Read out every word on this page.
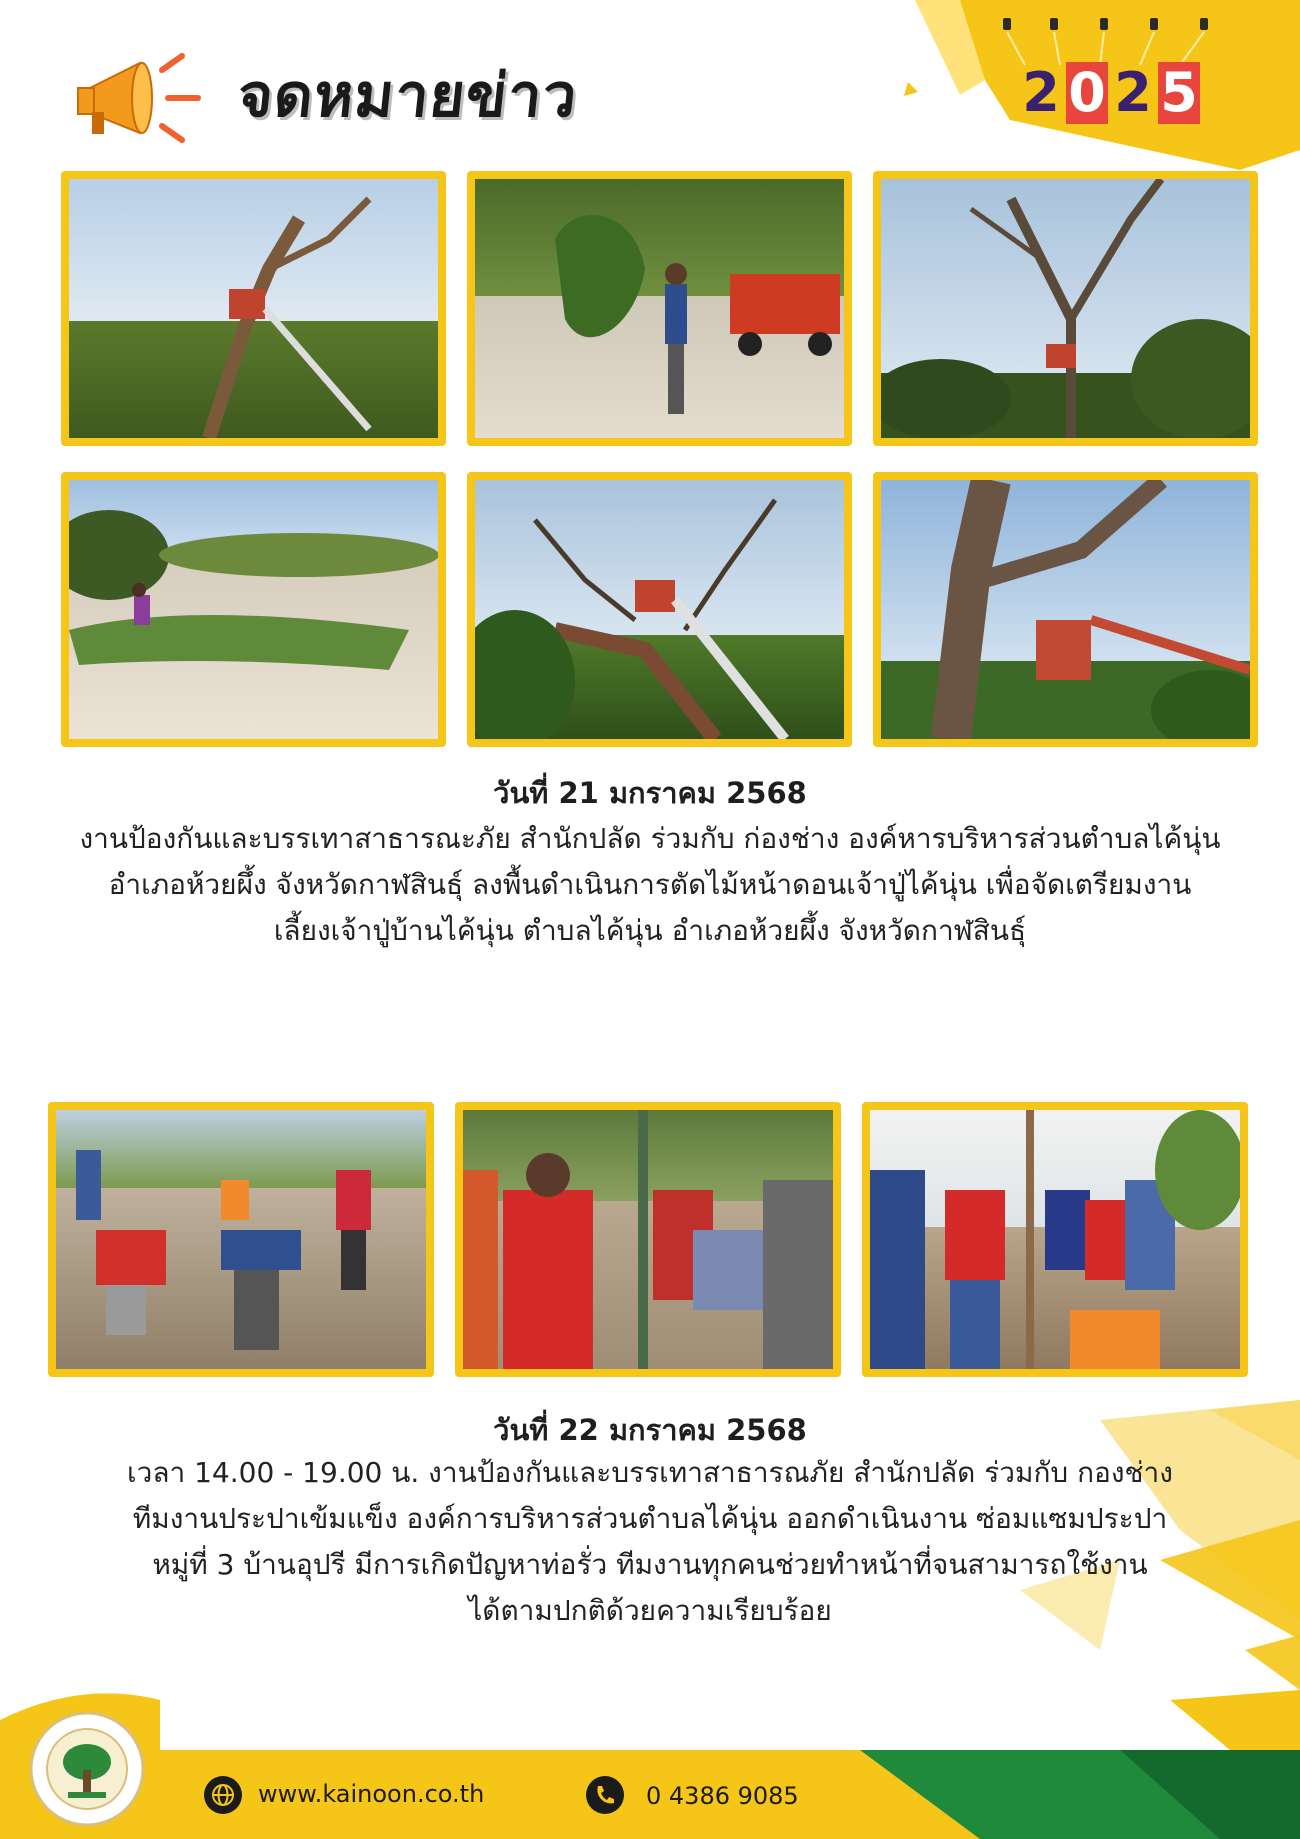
จดหมายข่าว	2 0 2 5
วันที่ 21 มกราคม 2568
งานป้องกันและบรรเทาสาธารณะภัย สำนักปลัด ร่วมกับ ก่องช่าง องค์หารบริหารส่วนตำบลไค้นุ่น
อำเภอห้วยผึ้ง จังหวัดกาฬสินธุ์ ลงพื้นดำเนินการตัดไม้หน้าดอนเจ้าปู่ไค้นุ่น เพื่อจัดเตรียมงาน
เลี้ยงเจ้าปู่บ้านไค้นุ่น ตำบลไค้นุ่น อำเภอห้วยผึ้ง จังหวัดกาฬสินธุ์
วันที่ 22 มกราคม 2568
เวลา 14.00 - 19.00 น. งานป้องกันและบรรเทาสาธารณภัย สำนักปลัด ร่วมกับ กองช่าง
ทีมงานประปาเข้มแข็ง องค์การบริหารส่วนตำบลไค้นุ่น ออกดำเนินงาน ซ่อมแซมประปา
หมู่ที่ 3 บ้านอุปรี มีการเกิดปัญหาท่อรั่ว ทีมงานทุกคนช่วยทำหน้าที่จนสามารถใช้งาน
ได้ตามปกติด้วยความเรียบร้อย
www.kainoon.co.th	0 4386 9085
